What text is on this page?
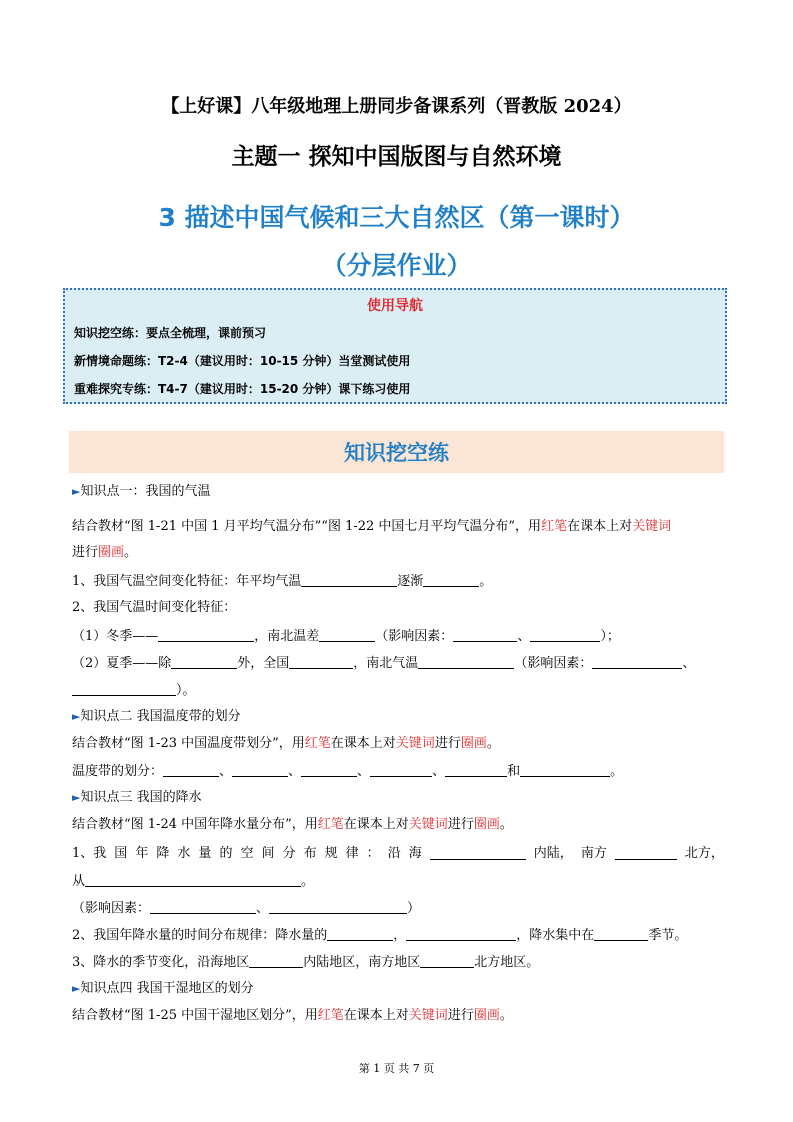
【上好课】八年级地理上册同步备课系列（晋教版 2024）
主题一 探知中国版图与自然环境
3 描述中国气候和三大自然区（第一课时）
（分层作业）
使用导航
知识挖空练：要点全梳理，课前预习
新情境命题练：T2-4（建议用时：10-15 分钟）当堂测试使用
重难探究专练：T4-7（建议用时：15-20 分钟）课下练习使用
知识挖空练
►知识点一：我国的气温
结合教材“图 1-21 中国 1 月平均气温分布”“图 1-22 中国七月平均气温分布”，用红笔在课本上对关键词
进行圈画。
1、我国气温空间变化特征：年平均气温	逐渐	。
2、我国气温时间变化特征：
（1）冬季——	，南北温差	（影响因素：	、	）；
（2）夏季——除	外，全国	，南北气温	（影响因素：	、
）。
►知识点二 我国温度带的划分
结合教材“图 1-23 中国温度带划分”，用红笔在课本上对关键词进行圈画。
温度带的划分：	、	、	、	、	和	。
►知识点三 我国的降水
结合教材“图 1-24 中国年降水量分布”，用红笔在课本上对关键词进行圈画。
1、我 国 年 降 水 量 的 空 间 分 布 规 律 ： 沿 海	内陆， 南方	北方，
从	。
（影响因素：	、	）
2、我国年降水量的时间分布规律：降水量的	，	，降水集中在	季节。
3、降水的季节变化，沿海地区	内陆地区，南方地区	北方地区。
►知识点四 我国干湿地区的划分
结合教材“图 1-25 中国干湿地区划分”，用红笔在课本上对关键词进行圈画。
第 1 页 共 7 页
